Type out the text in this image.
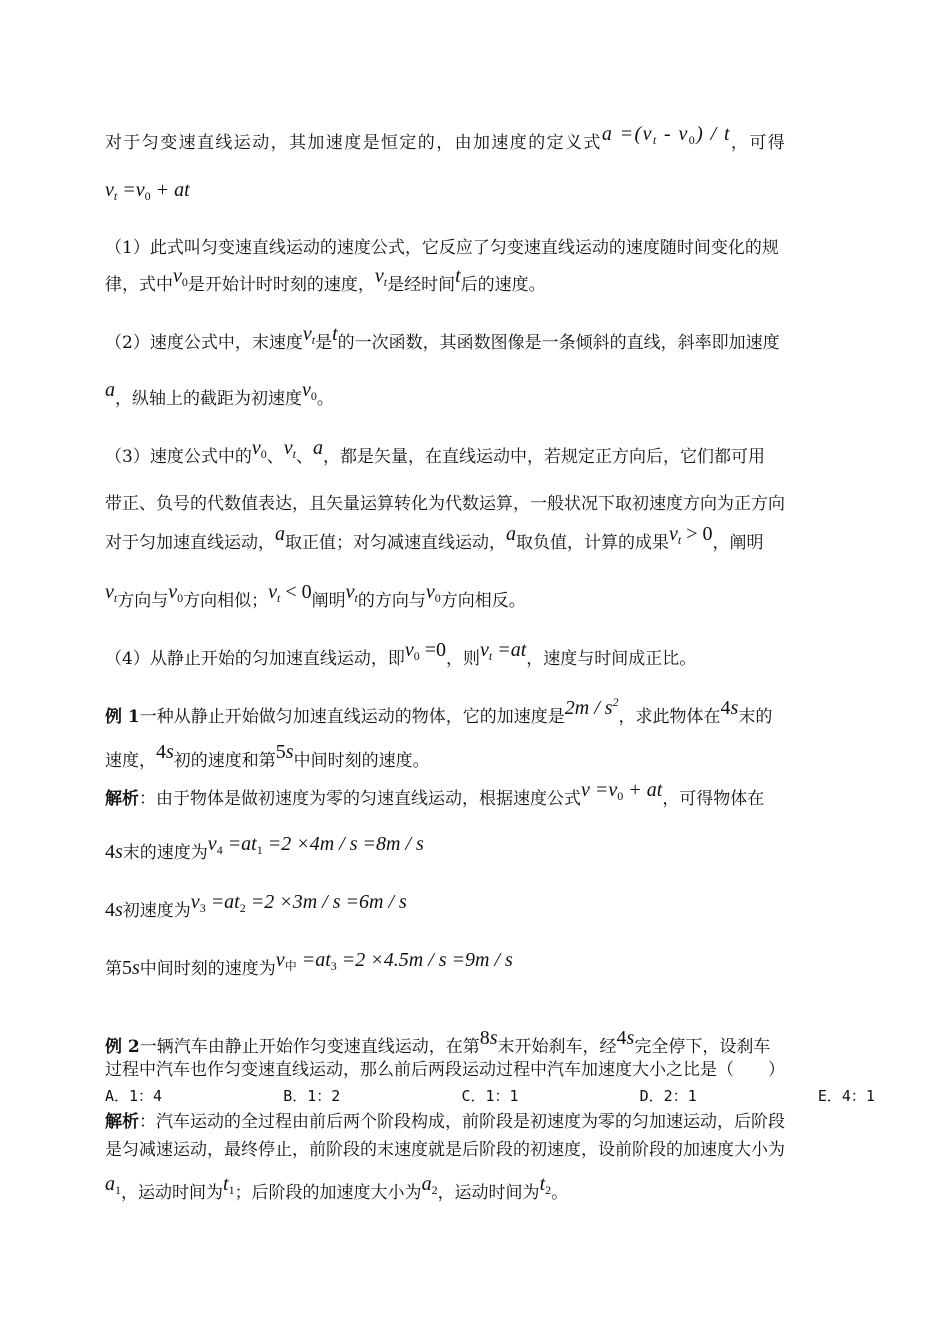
对于匀变速直线运动，其加速度是恒定的，由加速度的定义式$a =(v_t - v_0) / t$，可得
$v_t =v_0$ + at
（1）此式叫匀变速直线运动的速度公式，它反应了匀变速直线运动的速度随时间变化的规
律，式中$v_0$是开始计时时刻的速度，$v_t$是经时间t后的速度。
（2）速度公式中，末速度$v_t$是t的一次函数，其函数图像是一条倾斜的直线，斜率即加速度
a，纵轴上的截距为初速度$v_0$。
（3）速度公式中的$v_0$、$v_t$、a，都是矢量，在直线运动中，若规定正方向后，它们都可用
带正、负号的代数值表达，且矢量运算转化为代数运算，一般状况下取初速度方向为正方向
对于匀加速直线运动，a取正值；对匀减速直线运动，a取负值，计算的成果$v_t > 0$，阐明
$v_t$方向与$v_0$方向相似；$v_t < 0$阐明$v_t$的方向与$v_0$方向相反。
（4）从静止开始的匀加速直线运动，即$v_0 =0$，则$v_t =at$，速度与时间成正比。
例 1一种从静止开始做匀加速直线运动的物体，它的加速度是$2m / s^2$，求此物体在4s末的
速度，4s初的速度和第5s中间时刻的速度。
解析：由于物体是做初速度为零的匀速直线运动，根据速度公式$v =v_0$ + at，可得物体在
4s末的速度为$v_4 =at_1 =2 \times 4m / s =8m / s$
4s初速度为$v_3 =at_2 =2 \times 3m / s =6m / s$
第5s中间时刻的速度为$v_中 =at_3 =2 \times 4.5m / s =9m / s$
例 2一辆汽车由静止开始作匀变速直线运动，在第8s末开始刹车，经4s完全停下，设刹车
过程中汽车也作匀变速直线运动，那么前后两段运动过程中汽车加速度大小之比是（　　）
A．1：4	B．1：2	C．1：1	D．2：1	E．4：1
解析：汽车运动的全过程由前后两个阶段构成，前阶段是初速度为零的匀加速运动，后阶段
是匀减速运动，最终停止，前阶段的末速度就是后阶段的初速度，设前阶段的加速度大小为
$a_1$，运动时间为$t_1$；后阶段的加速度大小为$a_2$，运动时间为$t_2$。
